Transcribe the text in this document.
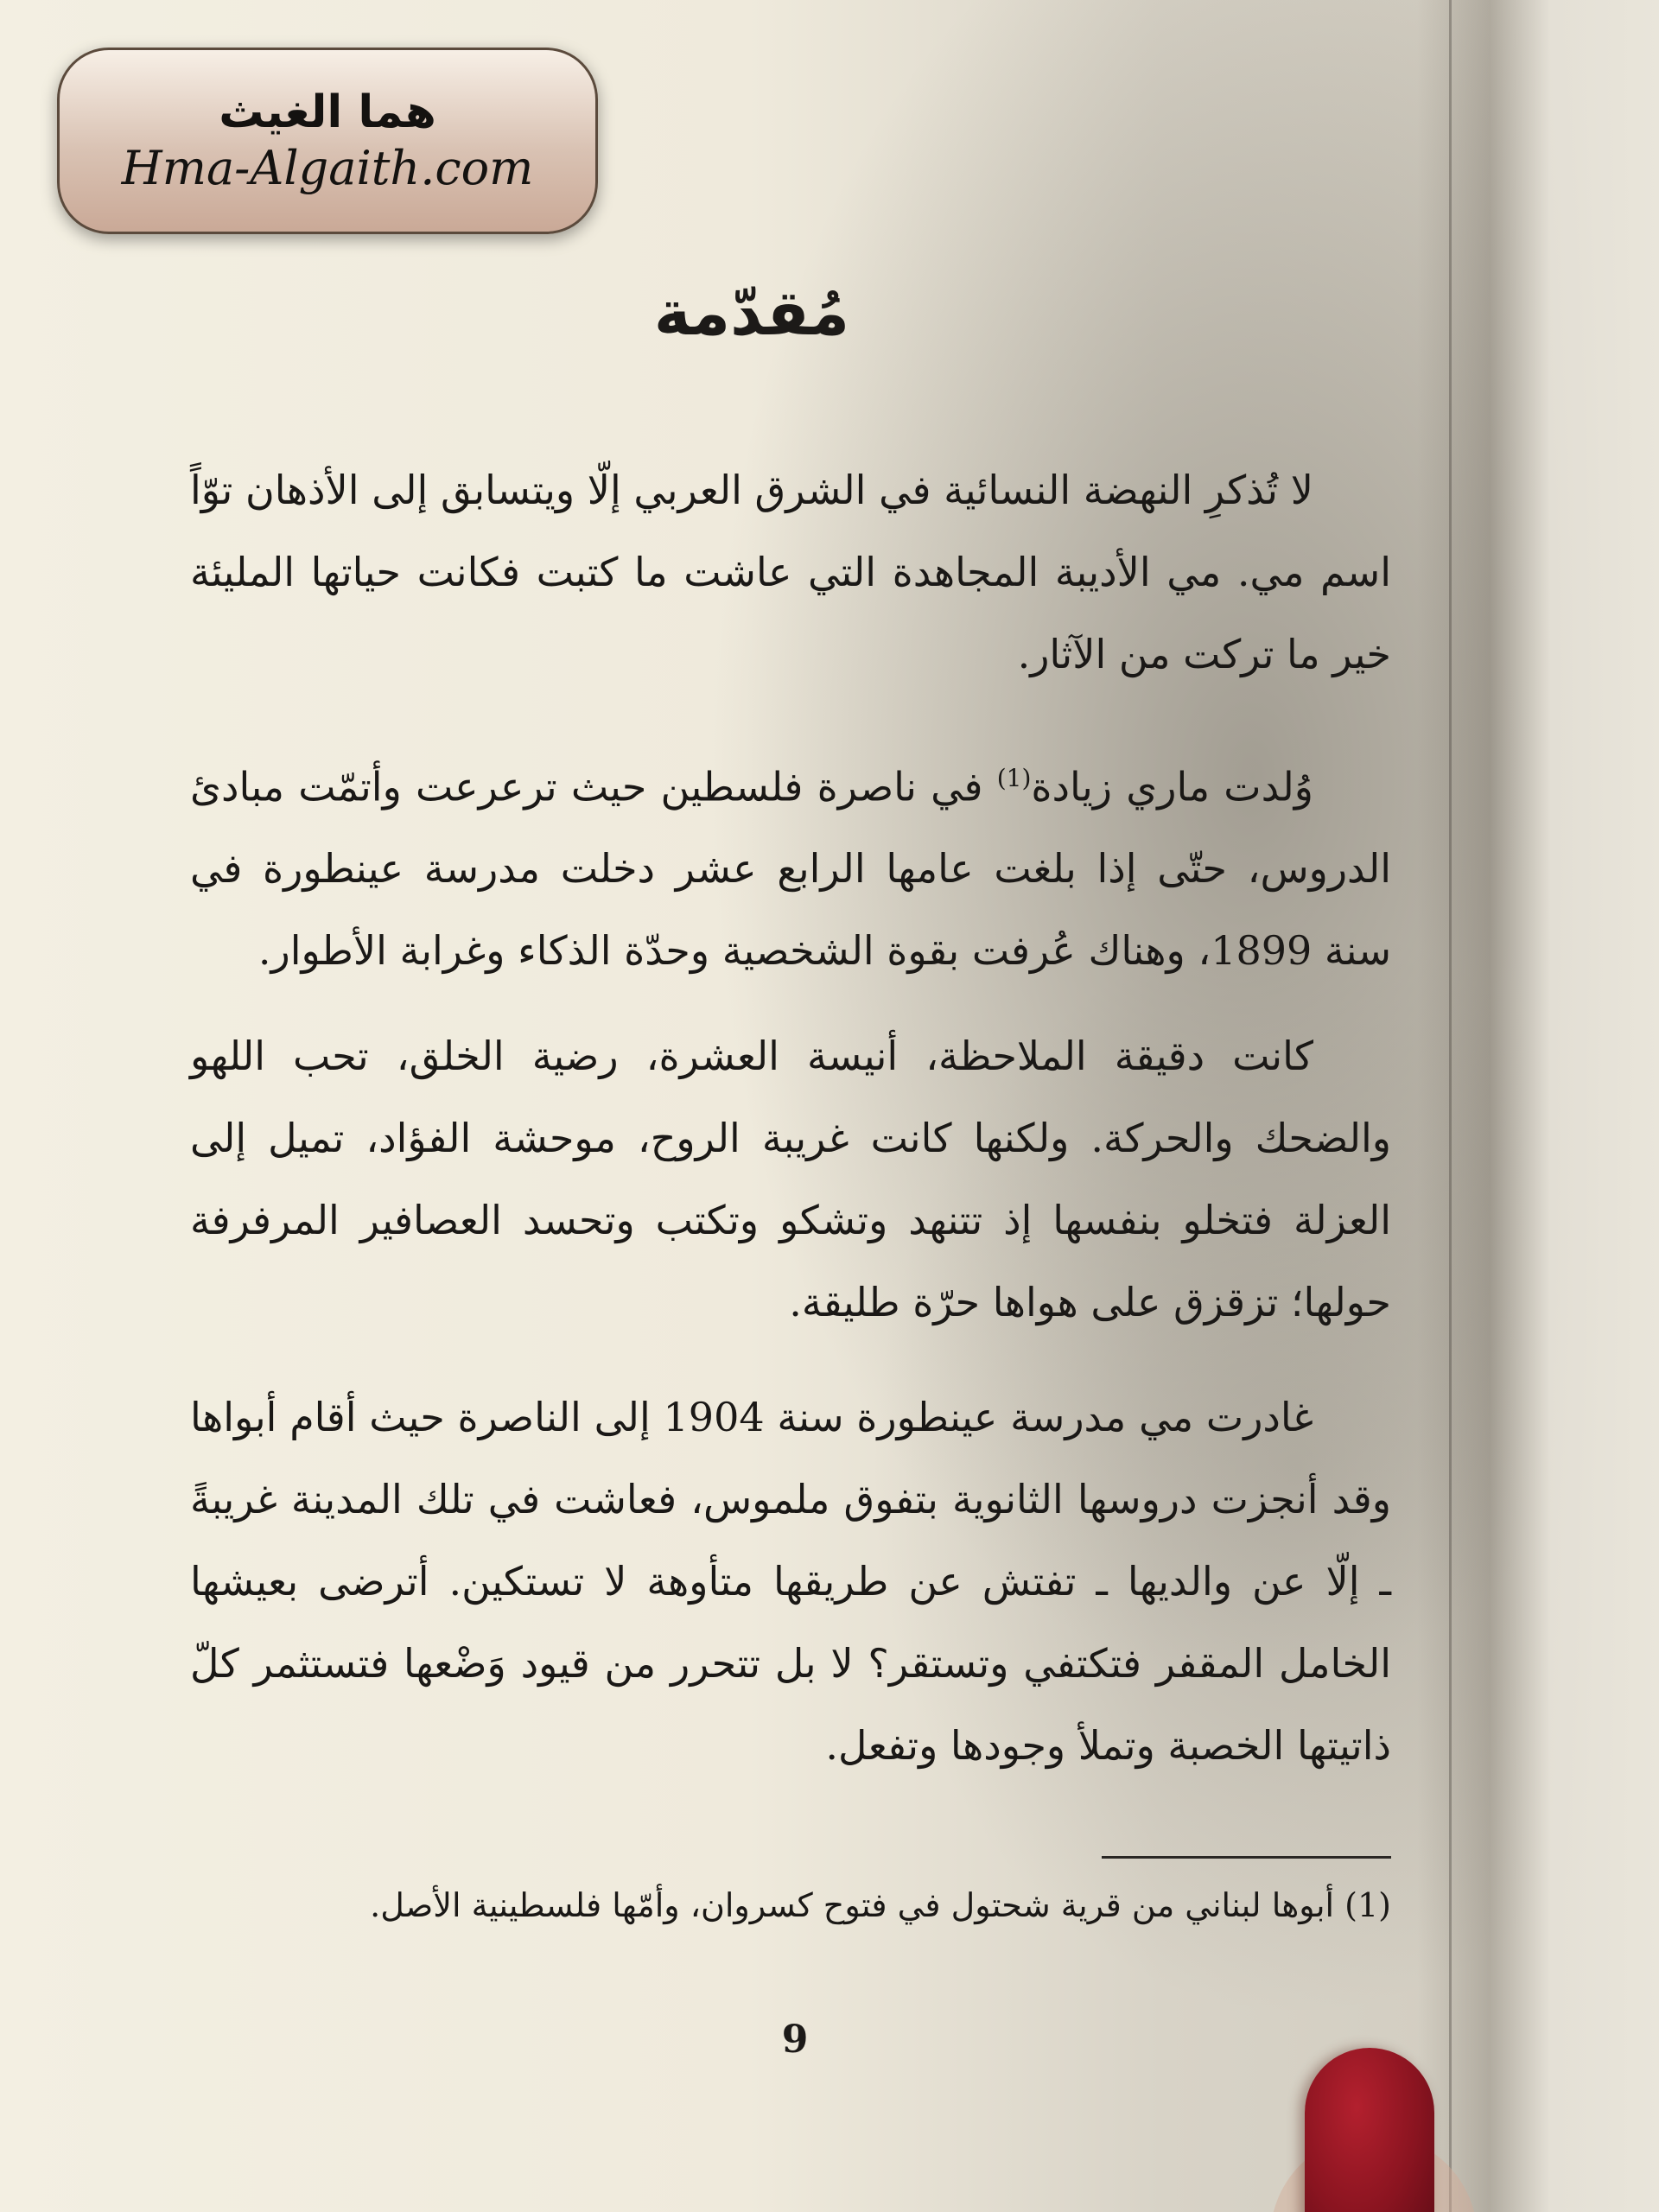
هما الغيث
Hma-Algaith.com
مُقدّمة

لا تُذكرِ النهضة النسائية في الشرق العربي إلّا ويتسابق إلى الأذهان توّاً اسم مي. مي الأديبة المجاهدة التي عاشت ما كتبت فكانت حياتها المليئة خير ما تركت من الآثار.

وُلدت ماري زيادة$^{(1)}$ في ناصرة فلسطين حيث ترعرعت وأتمّت مبادئ الدروس، حتّى إذا بلغت عامها الرابع عشر دخلت مدرسة عينطورة في سنة 1899، وهناك عُرفت بقوة الشخصية وحدّة الذكاء وغرابة الأطوار.

كانت دقيقة الملاحظة، أنيسة العشرة، رضية الخلق، تحب اللهو والضحك والحركة. ولكنها كانت غريبة الروح، موحشة الفؤاد، تميل إلى العزلة فتخلو بنفسها إذ تتنهد وتشكو وتكتب وتحسد العصافير المرفرفة حولها؛ تزقزق على هواها حرّة طليقة.

غادرت مي مدرسة عينطورة سنة 1904 إلى الناصرة حيث أقام أبواها وقد أنجزت دروسها الثانوية بتفوق ملموس، فعاشت في تلك المدينة غريبةً ـ إلّا عن والديها ـ تفتش عن طريقها متأوهة لا تستكين. أترضى بعيشها الخامل المقفر فتكتفي وتستقر؟ لا بل تتحرر من قيود وَضْعها فتستثمر كلّ ذاتيتها الخصبة وتملأ وجودها وتفعل.

(1) أبوها لبناني من قرية شحتول في فتوح كسروان، وأمّها فلسطينية الأصل.
9
